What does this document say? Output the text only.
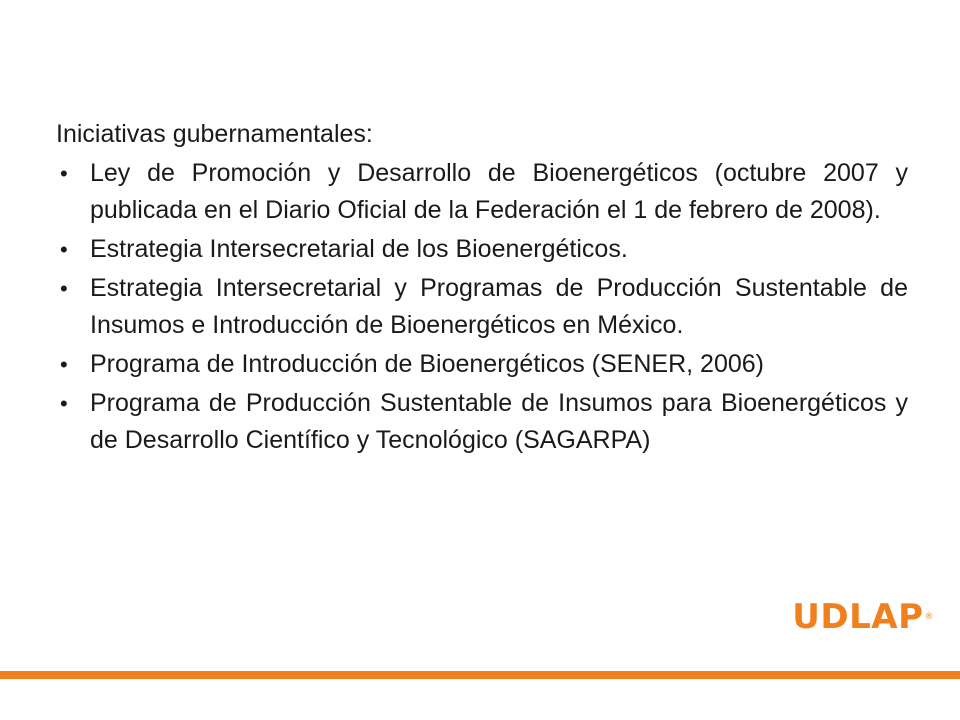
Iniciativas gubernamentales:

• Ley de Promoción y Desarrollo de Bioenergéticos (octubre 2007 y publicada en el Diario Oficial de la Federación el 1 de febrero de 2008).
• Estrategia Intersecretarial de los Bioenergéticos.
• Estrategia Intersecretarial y Programas de Producción Sustentable de Insumos e Introducción de Bioenergéticos en México.
• Programa de Introducción de Bioenergéticos (SENER, 2006)
• Programa de Producción Sustentable de Insumos para Bioenergéticos y de Desarrollo Científico y Tecnológico (SAGARPA)
UDLAP®
